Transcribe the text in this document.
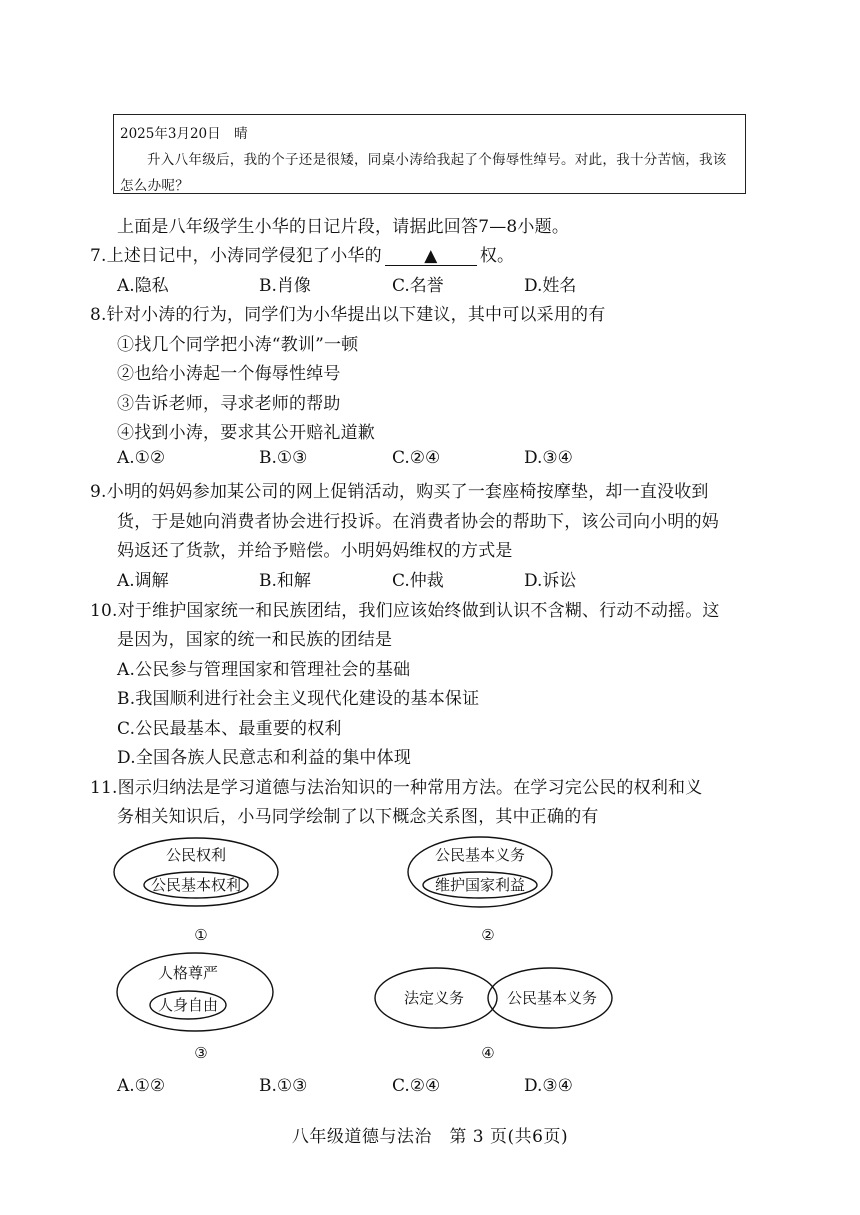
2025年3月20日　晴
升入八年级后，我的个子还是很矮，同桌小涛给我起了个侮辱性绰号。对此，我十分苦恼，我该怎么办呢？
上面是八年级学生小华的日记片段，请据此回答7—8小题。
7.上述日记中，小涛同学侵犯了小华的 ▲ 权。
A.隐私	B.肖像	C.名誉	D.姓名
8.针对小涛的行为，同学们为小华提出以下建议，其中可以采用的有
①找几个同学把小涛“教训”一顿
②也给小涛起一个侮辱性绰号
③告诉老师，寻求老师的帮助
④找到小涛，要求其公开赔礼道歉
A.①②	B.①③	C.②④	D.③④
9.小明的妈妈参加某公司的网上促销活动，购买了一套座椅按摩垫，却一直没收到
货，于是她向消费者协会进行投诉。在消费者协会的帮助下，该公司向小明的妈
妈返还了货款，并给予赔偿。小明妈妈维权的方式是
A.调解	B.和解	C.仲裁	D.诉讼
10.对于维护国家统一和民族团结，我们应该始终做到认识不含糊、行动不动摇。这
是因为，国家的统一和民族的团结是
A.公民参与管理国家和管理社会的基础
B.我国顺利进行社会主义现代化建设的基本保证
C.公民最基本、最重要的权利
D.全国各族人民意志和利益的集中体现
11.图示归纳法是学习道德与法治知识的一种常用方法。在学习完公民的权利和义
务相关知识后，小马同学绘制了以下概念关系图，其中正确的有
公民权利
公民基本权利
①
公民基本义务
维护国家利益
②
人格尊严
人身自由
③
法定义务	公民基本义务
④
A.①②	B.①③	C.②④	D.③④
八年级道德与法治　第 3 页(共6页)
